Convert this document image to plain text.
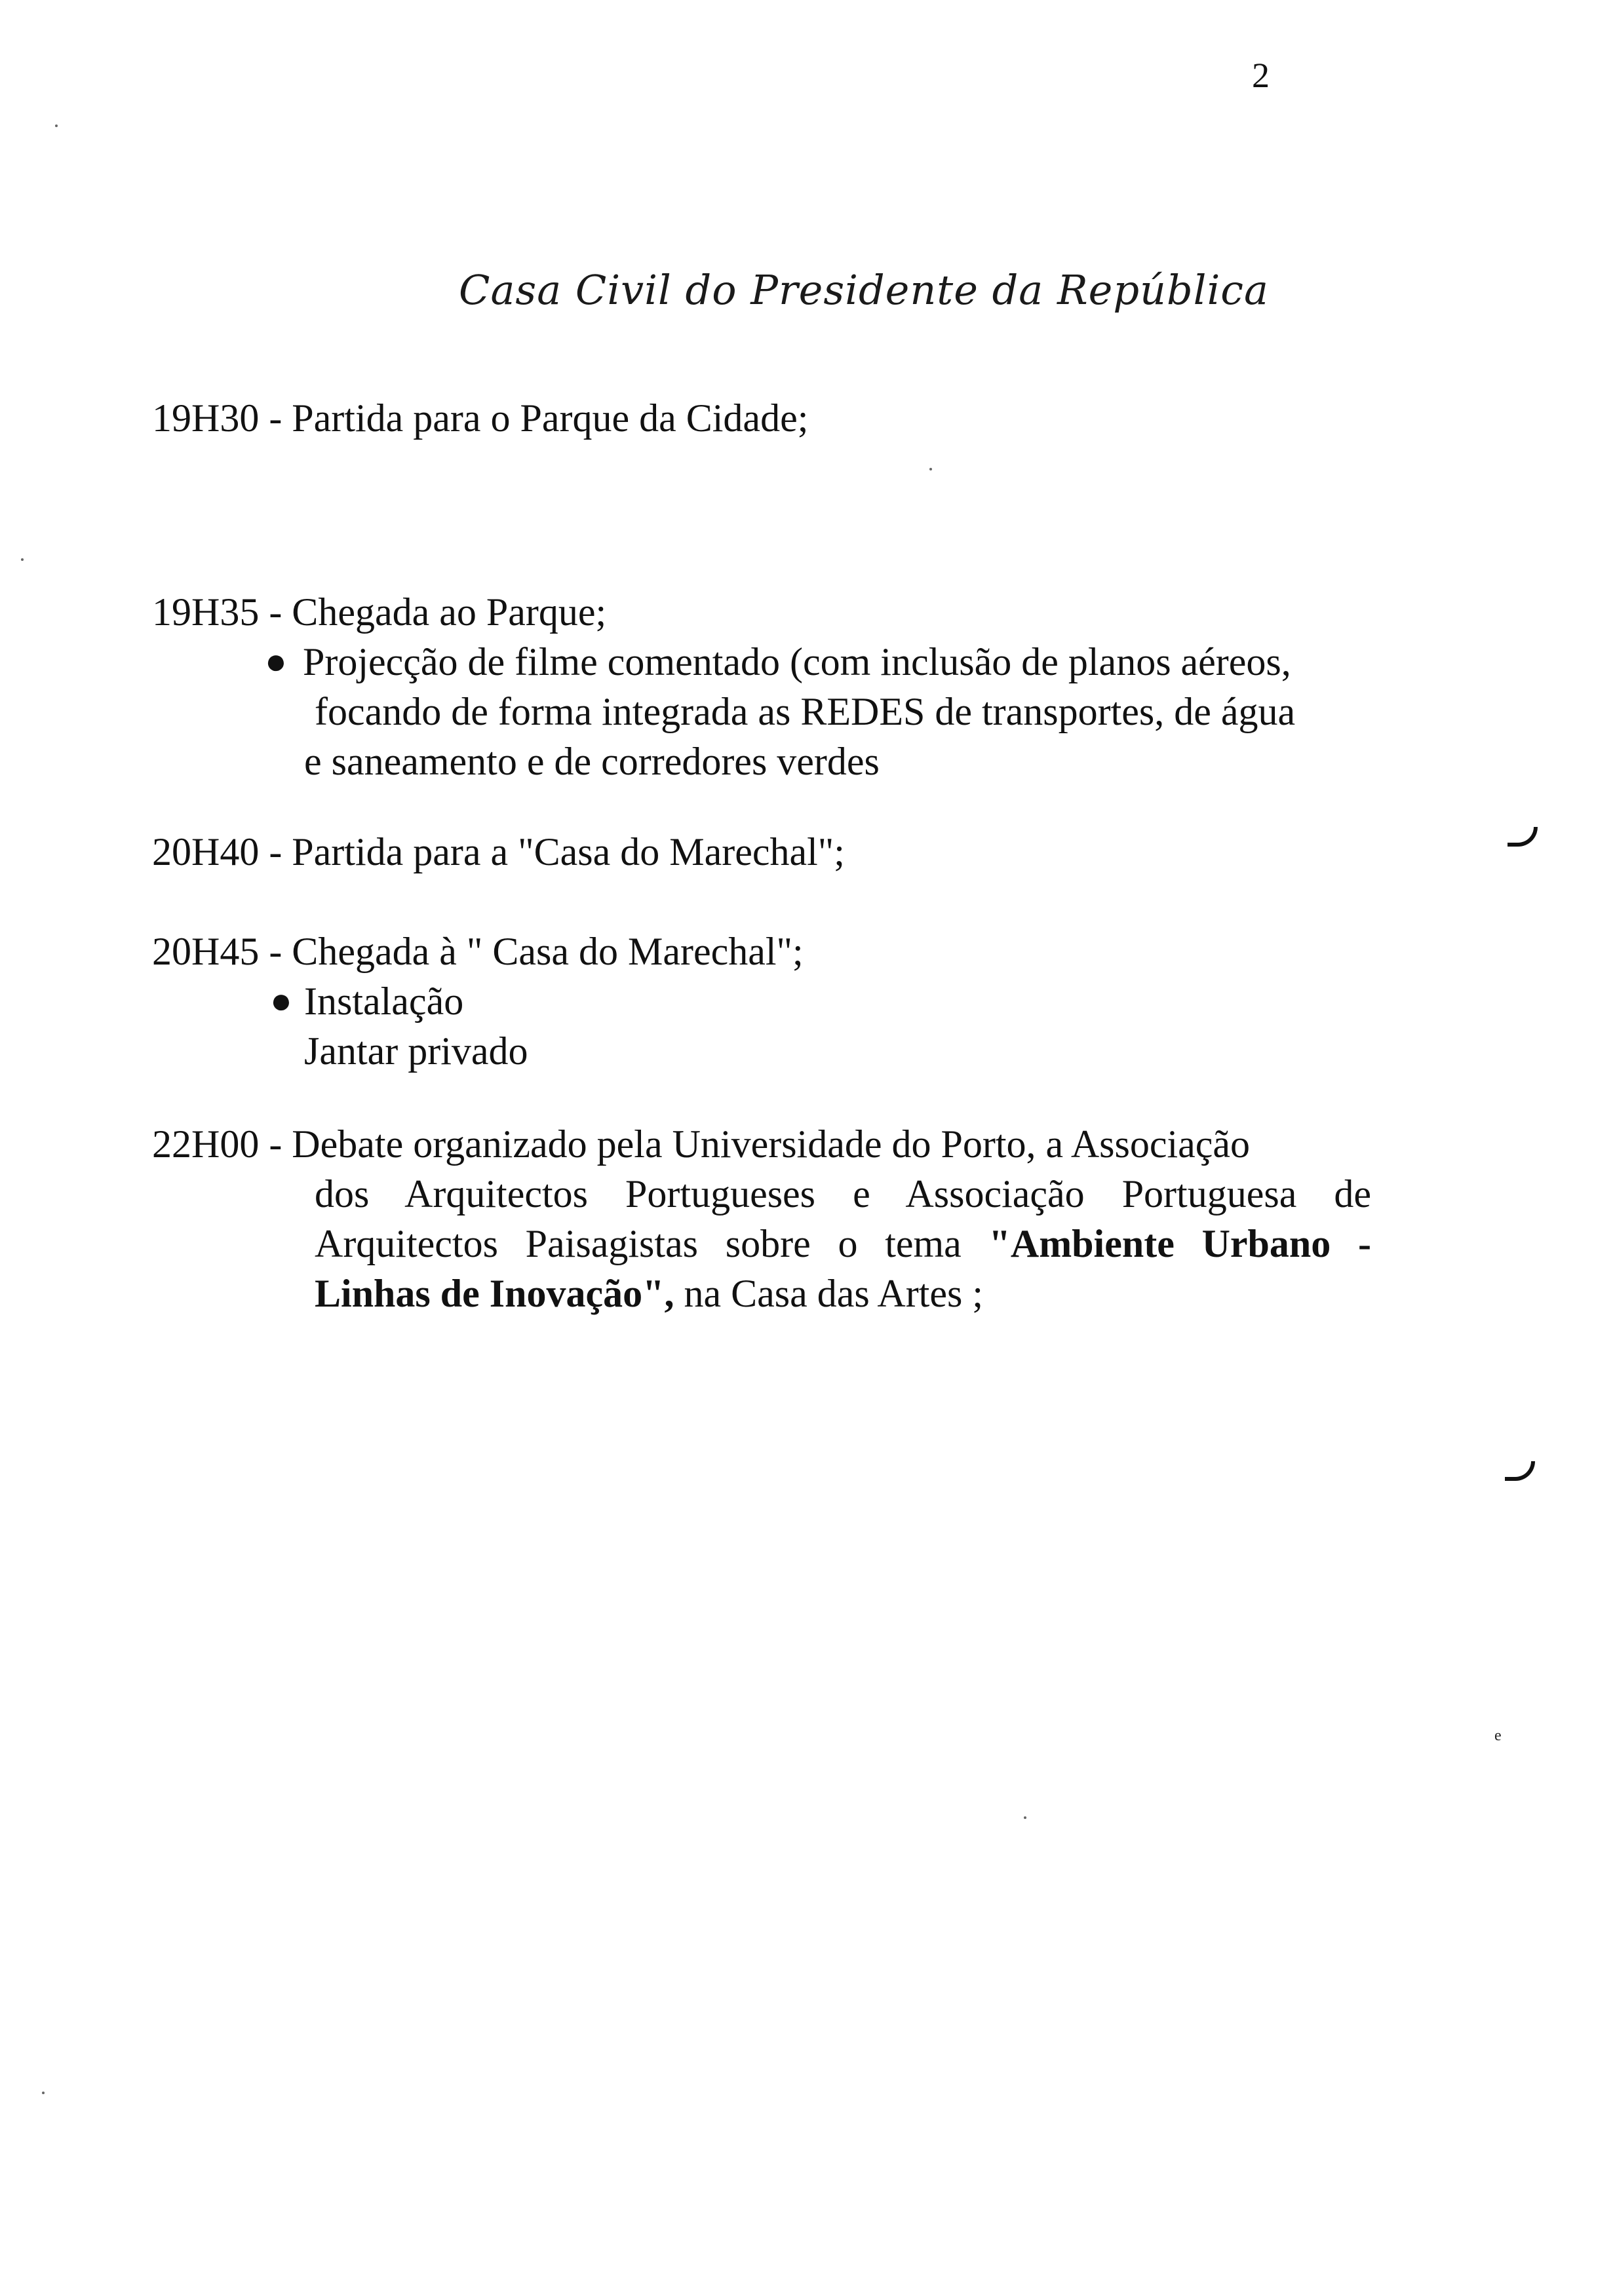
2
Casa Civil do Presidente da República
19H30 - Partida para o Parque da Cidade;
19H35 - Chegada ao Parque;
● Projecção de filme comentado (com inclusão de planos aéreos,
focando de forma integrada as REDES de transportes, de água
e saneamento e de corredores verdes
20H40 - Partida para a "Casa do Marechal";
20H45 - Chegada à " Casa do Marechal";
● Instalação
Jantar privado
22H00 - Debate organizado pela Universidade do Porto, a Associação
dos Arquitectos Portugueses e Associação Portuguesa de
Arquitectos Paisagistas sobre o tema "Ambiente Urbano -
Linhas de Inovação", na Casa das Artes ;
e
